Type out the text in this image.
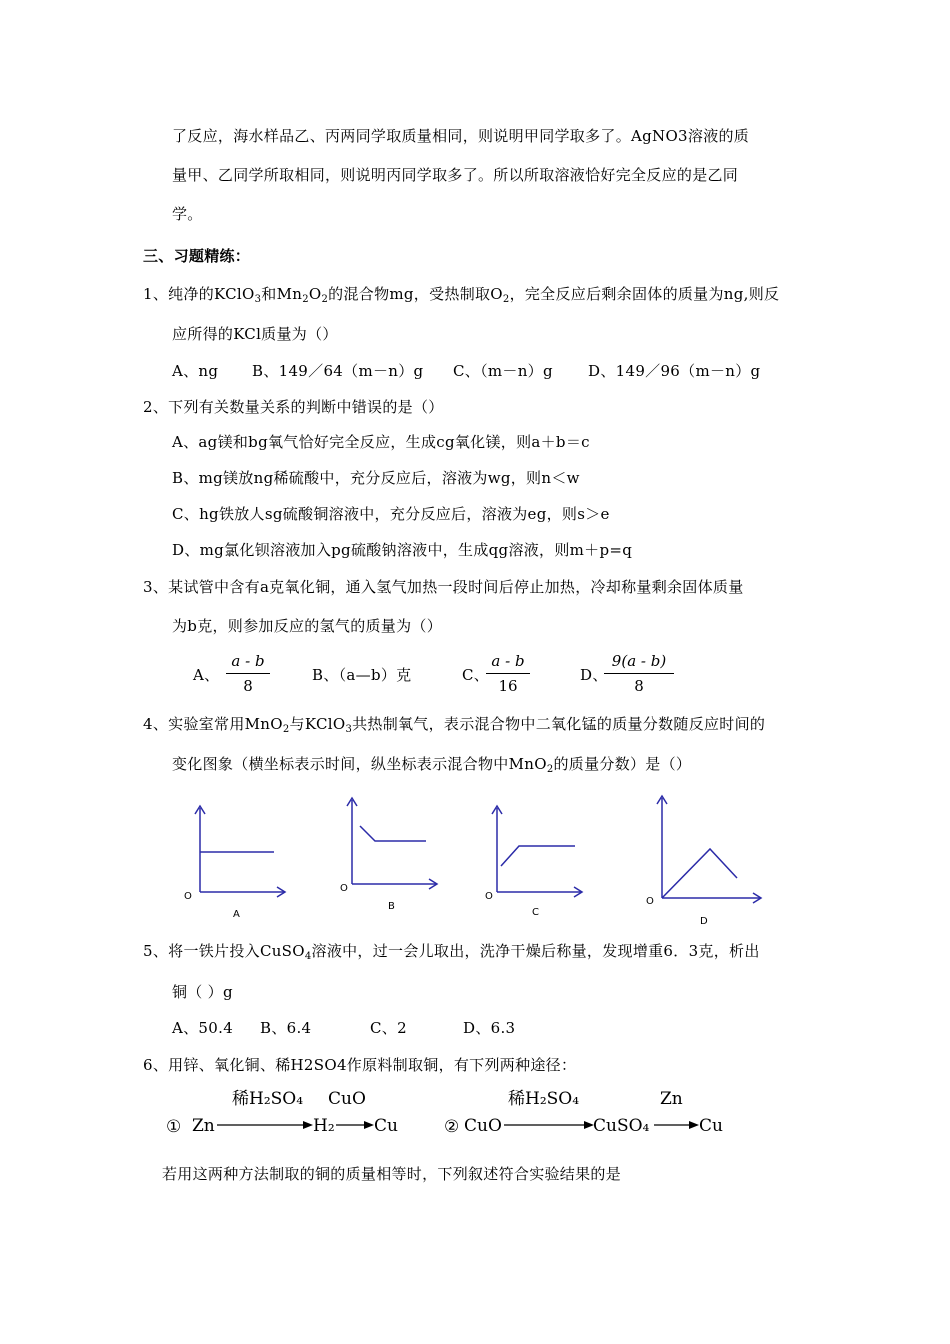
了反应，海水样品乙、丙两同学取质量相同，则说明甲同学取多了。AgNO3溶液的质
量甲、乙同学所取相同，则说明丙同学取多了。所以所取溶液恰好完全反应的是乙同
学。
三、习题精练：
1、纯净的KClO$_3$和$Mn_2O_2$的混合物mg，受热制取$O_2$，完全反应后剩余固体的质量为ng,则反
应所得的KCl质量为（）
A、ng B、149／64（m－n）g C、（m－n）g D、149／96（m－n）g
2、下列有关数量关系的判断中错误的是（）
A、ag镁和bg氧气恰好完全反应，生成cg氧化镁，则a＋b＝c
B、mg镁放ng稀硫酸中，充分反应后，溶液为wg，则n＜w
C、hg铁放人sg硫酸铜溶液中，充分反应后，溶液为eg，则s＞e
D、mg氯化钡溶液加入pg硫酸钠溶液中，生成qg溶液，则m＋p=q
3、某试管中含有a克氧化铜，通入氢气加热一段时间后停止加热，冷却称量剩余固体质量
为b克，则参加反应的氢气的质量为（）
A、
a - b
8
B、（a—b）克	C、
a - b
16
D、
9(a - b)
8
4、实验室常用MnO$_2$与KClO$_3$共热制氧气，表示混合物中二氧化锰的质量分数随反应时间的
变化图象（横坐标表示时间，纵坐标表示混合物中MnO$_2$的质量分数）是（）
O
A
O
B
O
C
O
D
5、将一铁片投入CuSO$_4$溶液中，过一会儿取出，洗净干燥后称量，发现增重6．3克，析出
铜（ ）g
A、50.4 B、6.4	C、2	D、6.3
6、用锌、氧化铜、稀H2SO4作原料制取铜，有下列两种途径：
① Zn
稀H₂SO₄
H₂
CuO
Cu	② CuO
稀H₂SO₄
CuSO₄
Zn
Cu
若用这两种方法制取的铜的质量相等时，下列叙述符合实验结果的是
